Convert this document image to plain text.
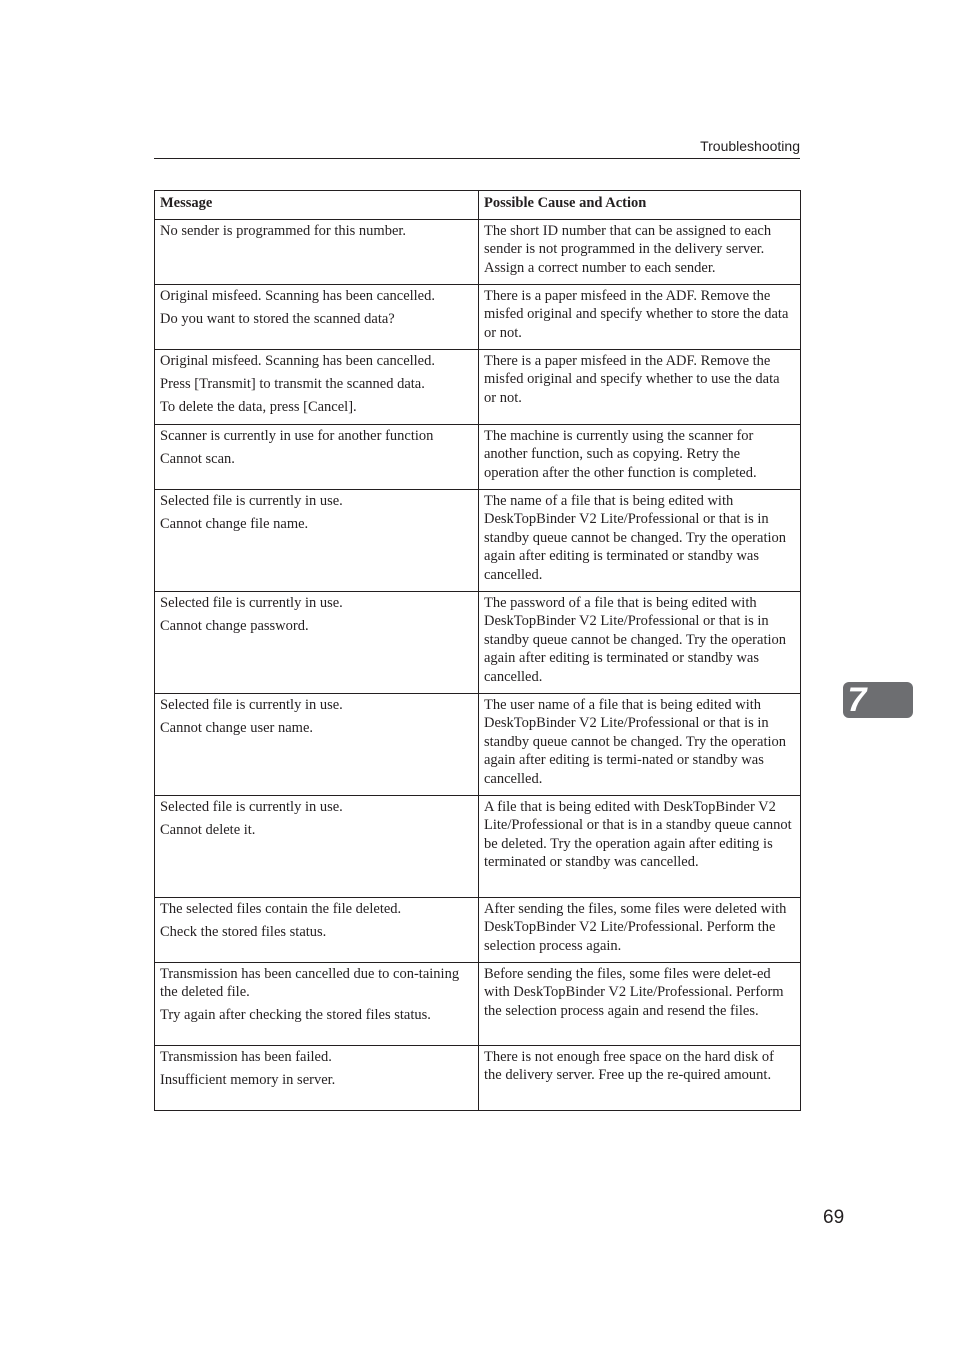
Troubleshooting
Message	Possible Cause and Action

No sender is programmed for this number.	The short ID number that can be assigned to each sender is not programmed in the delivery server. Assign a correct number to each sender.

Original misfeed. Scanning has been cancelled.
Do you want to stored the scanned data?	There is a paper misfeed in the ADF. Remove the misfed original and specify whether to store the data or not.

Original misfeed. Scanning has been cancelled.
Press [Transmit] to transmit the scanned data.
To delete the data, press [Cancel].	There is a paper misfeed in the ADF. Remove the misfed original and specify whether to use the data or not.

Scanner is currently in use for another function
Cannot scan.	The machine is currently using the scanner for another function, such as copying. Retry the operation after the other function is completed.

Selected file is currently in use.
Cannot change file name.	The name of a file that is being edited with DeskTopBinder V2 Lite/Professional or that is in standby queue cannot be changed. Try the operation again after editing is terminated or standby was cancelled.

Selected file is currently in use.
Cannot change password.	The password of a file that is being edited with DeskTopBinder V2 Lite/Professional or that is in standby queue cannot be changed. Try the operation again after editing is terminated or standby was cancelled.

Selected file is currently in use.
Cannot change user name.	The user name of a file that is being edited with DeskTopBinder V2 Lite/Professional or that is in standby queue cannot be changed. Try the operation again after editing is termi-nated or standby was cancelled.

Selected file is currently in use.
Cannot delete it.	A file that is being edited with DeskTopBinder V2 Lite/Professional or that is in a standby queue cannot be deleted. Try the operation again after editing is terminated or standby was cancelled.

The selected files contain the file deleted.
Check the stored files status.	After sending the files, some files were deleted with DeskTopBinder V2 Lite/Professional. Perform the selection process again.

Transmission has been cancelled due to con-taining the deleted file.
Try again after checking the stored files status.	Before sending the files, some files were delet-ed with DeskTopBinder V2 Lite/Professional. Perform the selection process again and resend the files.

Transmission has been failed.
Insufficient memory in server.	There is not enough free space on the hard disk of the delivery server. Free up the re-quired amount.
7
69
